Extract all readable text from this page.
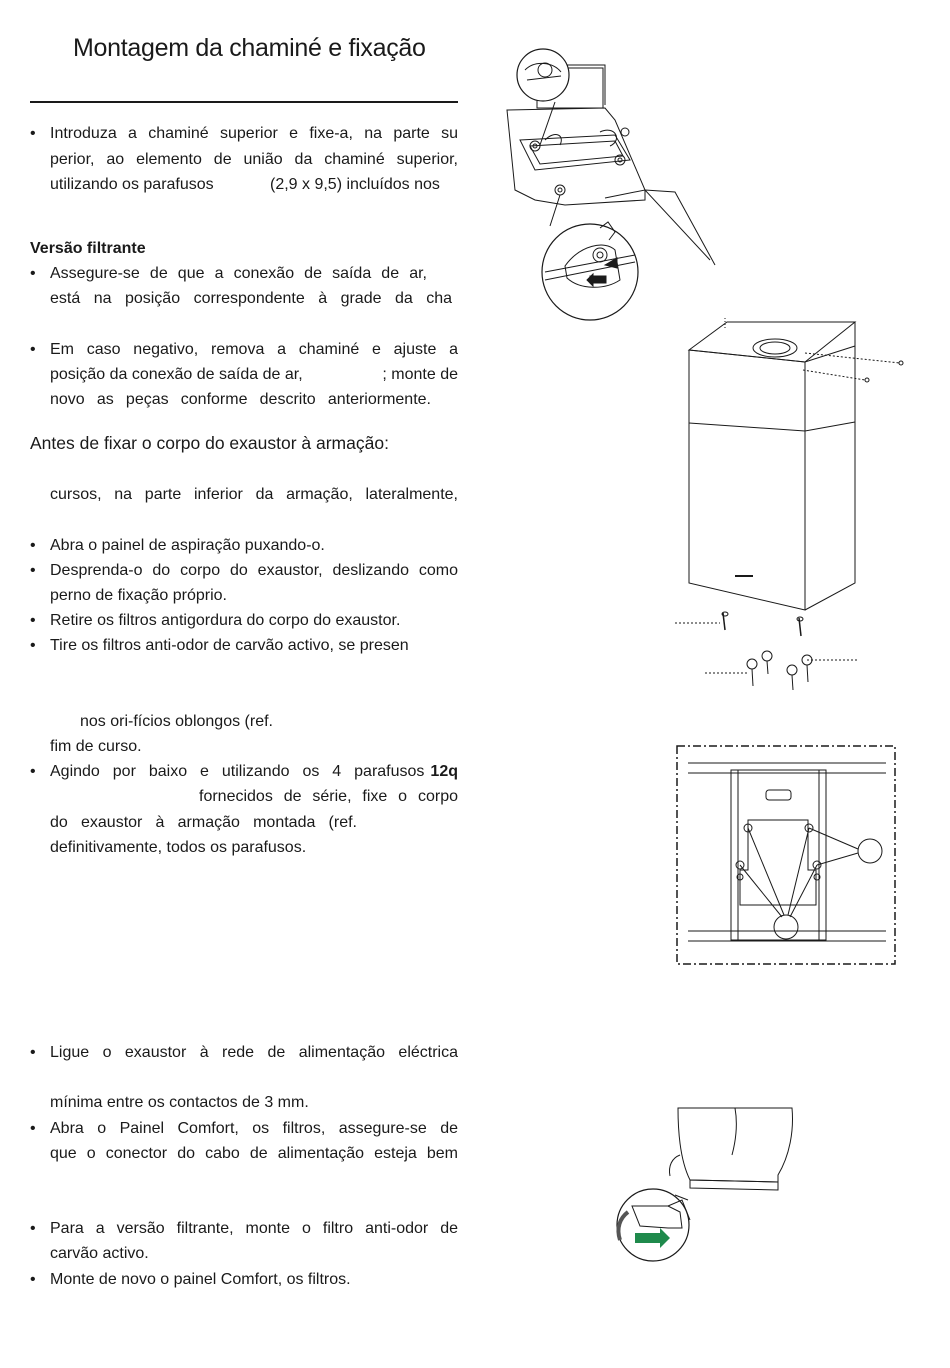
Montagem da chaminé e fixação
• Introduza a chaminé superior e fixe-a, na parte su
perior, ao elemento de união da chaminé superior,
utilizando os parafusos	(2,9 x 9,5) incluídos nos
Versão filtrante
• Assegure-se de que a conexão de saída de ar,
está na posição correspondente à grade da cha
• Em caso negativo, remova a chaminé e ajuste a
posição da conexão de saída de ar,	; monte de
novo as peças conforme descrito anteriormente.
Antes de fixar o corpo do exaustor à armação:
cursos, na parte inferior da armação, lateralmente,
• Abra o painel de aspiração puxando-o.
• Desprenda-o do corpo do exaustor, deslizando como
perno de fixação próprio.
• Retire os filtros antigordura do corpo do exaustor.
• Tire os filtros anti-odor de carvão activo, se presen
nos ori-fícios oblongos (ref.
fim de curso.
• Agindo por baixo e utilizando os 4 parafusos 12q
fornecidos de série, fixe o corpo
do exaustor à armação montada (ref.
definitivamente, todos os parafusos.
• Ligue o exaustor à rede de alimentação eléctrica
mínima entre os contactos de 3 mm.
• Abra o Painel Comfort, os filtros, assegure-se de
que o conector do cabo de alimentação esteja bem
• Para a versão filtrante, monte o filtro anti-odor de
carvão activo.
• Monte de novo o painel Comfort, os filtros.
